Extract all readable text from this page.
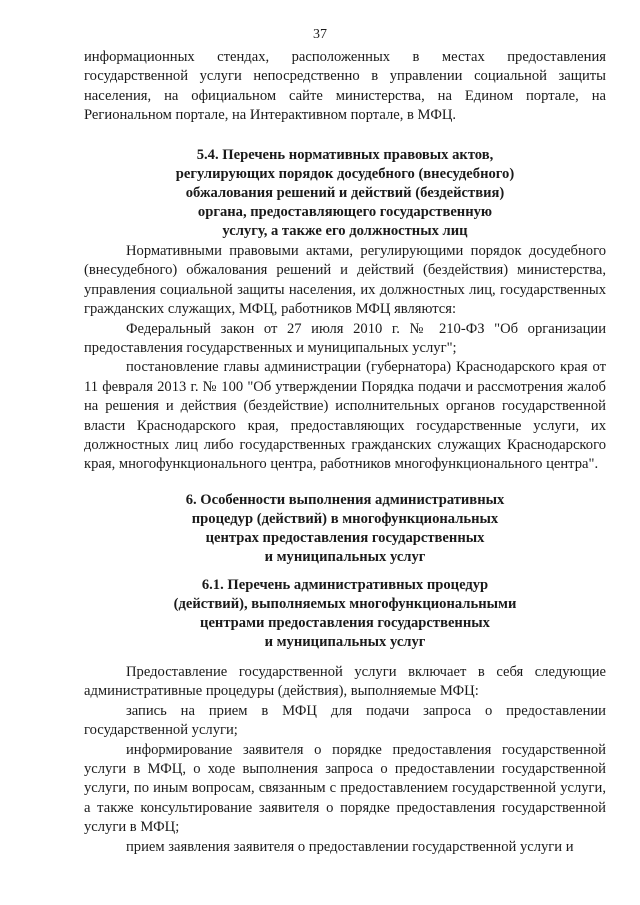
37

информационных стендах, расположенных в местах предоставления государственной услуги непосредственно в управлении социальной защиты населения, на официальном сайте министерства, на Едином портале, на Региональном портале, на Интерактивном портале, в МФЦ.

5.4. Перечень нормативных правовых актов,
регулирующих порядок досудебного (внесудебного)
обжалования решений и действий (бездействия)
органа, предоставляющего государственную
услугу, а также его должностных лиц

Нормативными правовыми актами, регулирующими порядок досудебного (внесудебного) обжалования решений и действий (бездействия) министерства, управления социальной защиты населения, их должностных лиц, государственных гражданских служащих, МФЦ, работников МФЦ являются:

Федеральный закон от 27 июля 2010 г. № 210-ФЗ "Об организации предоставления государственных и муниципальных услуг";

постановление главы администрации (губернатора) Краснодарского края от 11 февраля 2013 г. № 100 "Об утверждении Порядка подачи и рассмотрения жалоб на решения и действия (бездействие) исполнительных органов государственной власти Краснодарского края, предоставляющих государственные услуги, их должностных лиц либо государственных гражданских служащих Краснодарского края, многофункционального центра, работников многофункционального центра".

6. Особенности выполнения административных
процедур (действий) в многофункциональных
центрах предоставления государственных
и муниципальных услуг
6.1. Перечень административных процедур
(действий), выполняемых многофункциональными
центрами предоставления государственных
и муниципальных услуг

Предоставление государственной услуги включает в себя следующие административные процедуры (действия), выполняемые МФЦ:

запись на прием в МФЦ для подачи запроса о предоставлении государственной услуги;

информирование заявителя о порядке предоставления государственной услуги в МФЦ, о ходе выполнения запроса о предоставлении государственной услуги, по иным вопросам, связанным с предоставлением государственной услуги, а также консультирование заявителя о порядке предоставления государственной услуги в МФЦ;

прием заявления заявителя о предоставлении государственной услуги и
